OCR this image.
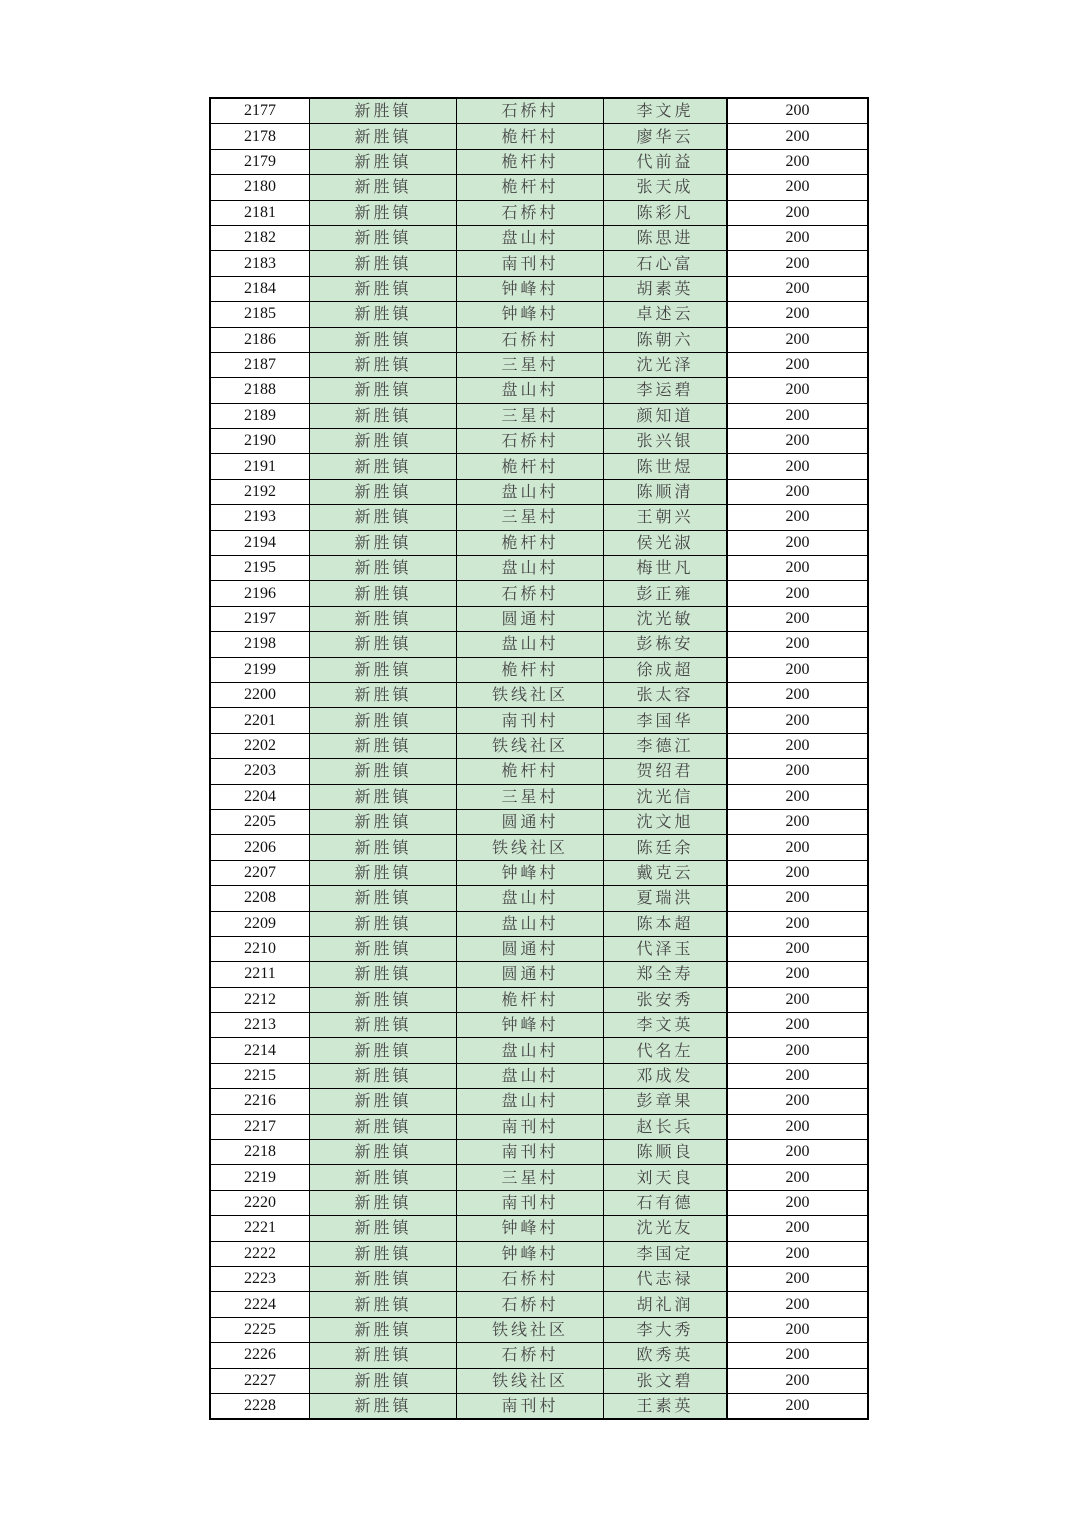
2177	新胜镇	石桥村	李文虎	200
2178	新胜镇	桅杆村	廖华云	200
2179	新胜镇	桅杆村	代前益	200
2180	新胜镇	桅杆村	张天成	200
2181	新胜镇	石桥村	陈彩凡	200
2182	新胜镇	盘山村	陈思进	200
2183	新胜镇	南刊村	石心富	200
2184	新胜镇	钟峰村	胡素英	200
2185	新胜镇	钟峰村	卓述云	200
2186	新胜镇	石桥村	陈朝六	200
2187	新胜镇	三星村	沈光泽	200
2188	新胜镇	盘山村	李运碧	200
2189	新胜镇	三星村	颜知道	200
2190	新胜镇	石桥村	张兴银	200
2191	新胜镇	桅杆村	陈世煜	200
2192	新胜镇	盘山村	陈顺清	200
2193	新胜镇	三星村	王朝兴	200
2194	新胜镇	桅杆村	侯光淑	200
2195	新胜镇	盘山村	梅世凡	200
2196	新胜镇	石桥村	彭正雍	200
2197	新胜镇	圆通村	沈光敏	200
2198	新胜镇	盘山村	彭栋安	200
2199	新胜镇	桅杆村	徐成超	200
2200	新胜镇	铁线社区	张太容	200
2201	新胜镇	南刊村	李国华	200
2202	新胜镇	铁线社区	李德江	200
2203	新胜镇	桅杆村	贺绍君	200
2204	新胜镇	三星村	沈光信	200
2205	新胜镇	圆通村	沈文旭	200
2206	新胜镇	铁线社区	陈廷余	200
2207	新胜镇	钟峰村	戴克云	200
2208	新胜镇	盘山村	夏瑞洪	200
2209	新胜镇	盘山村	陈本超	200
2210	新胜镇	圆通村	代泽玉	200
2211	新胜镇	圆通村	郑全寿	200
2212	新胜镇	桅杆村	张安秀	200
2213	新胜镇	钟峰村	李文英	200
2214	新胜镇	盘山村	代名左	200
2215	新胜镇	盘山村	邓成发	200
2216	新胜镇	盘山村	彭章果	200
2217	新胜镇	南刊村	赵长兵	200
2218	新胜镇	南刊村	陈顺良	200
2219	新胜镇	三星村	刘天良	200
2220	新胜镇	南刊村	石有德	200
2221	新胜镇	钟峰村	沈光友	200
2222	新胜镇	钟峰村	李国定	200
2223	新胜镇	石桥村	代志禄	200
2224	新胜镇	石桥村	胡礼润	200
2225	新胜镇	铁线社区	李大秀	200
2226	新胜镇	石桥村	欧秀英	200
2227	新胜镇	铁线社区	张文碧	200
2228	新胜镇	南刊村	王素英	200
